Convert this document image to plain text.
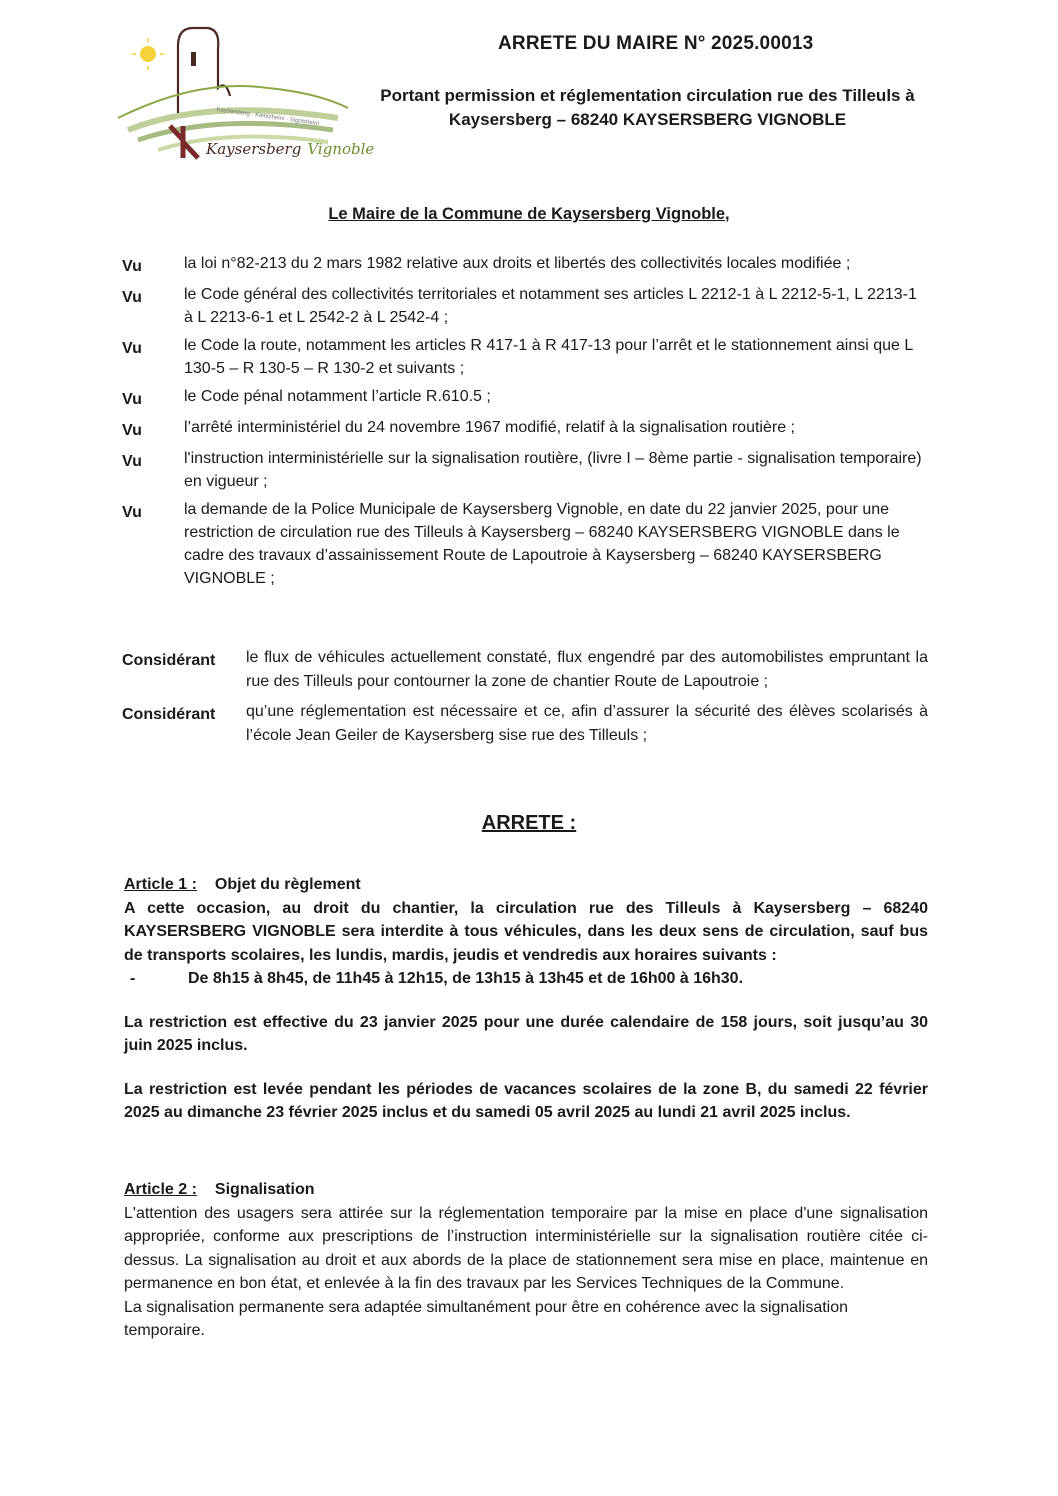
Kaysersberg · Kientzheim · Sigolsheim
Kaysersberg Vignoble
ARRETE DU MAIRE N° 2025.00013
Portant permission et réglementation circulation rue des Tilleuls à Kaysersberg – 68240 KAYSERSBERG VIGNOBLE
Le Maire de la Commune de Kaysersberg Vignoble,
Vu	la loi n°82-213 du 2 mars 1982 relative aux droits et libertés des collectivités locales modifiée ;
Vu	le Code général des collectivités territoriales et notamment ses articles L 2212-1 à L 2212-5-1, L 2213-1 à L 2213-6-1 et L 2542-2 à L 2542-4 ;
Vu	le Code la route, notamment les articles R 417-1 à R 417-13 pour l’arrêt et le stationnement ainsi que L 130-5 – R 130-5 – R 130-2 et suivants ;
Vu	le Code pénal notamment l’article R.610.5 ;
Vu	l’arrêté interministériel du 24 novembre 1967 modifié, relatif à la signalisation routière ;
Vu	l'instruction interministérielle sur la signalisation routière, (livre I – 8ème partie - signalisation temporaire) en vigueur ;
Vu	la demande de la Police Municipale de Kaysersberg Vignoble, en date du 22 janvier 2025, pour une restriction de circulation rue des Tilleuls à Kaysersberg – 68240 KAYSERSBERG VIGNOBLE dans le cadre des travaux d’assainissement Route de Lapoutroie à Kaysersberg – 68240 KAYSERSBERG VIGNOBLE ;
Considérant	le flux de véhicules actuellement constaté, flux engendré par des automobilistes empruntant la rue des Tilleuls pour contourner la zone de chantier Route de Lapoutroie ;
Considérant	qu’une réglementation est nécessaire et ce, afin d’assurer la sécurité des élèves scolarisés à l’école Jean Geiler de Kaysersberg sise rue des Tilleuls ;
ARRETE :
Article 1 : Objet du règlement

A cette occasion, au droit du chantier, la circulation rue des Tilleuls à Kaysersberg – 68240 KAYSERSBERG VIGNOBLE sera interdite à tous véhicules, dans les deux sens de circulation, sauf bus de transports scolaires, les lundis, mardis, jeudis et vendredis aux horaires suivants :

-	De 8h15 à 8h45, de 11h45 à 12h15, de 13h15 à 13h45 et de 16h00 à 16h30.

La restriction est effective du 23 janvier 2025 pour une durée calendaire de 158 jours, soit jusqu’au 30 juin 2025 inclus.

La restriction est levée pendant les périodes de vacances scolaires de la zone B, du samedi 22 février 2025 au dimanche 23 février 2025 inclus et du samedi 05 avril 2025 au lundi 21 avril 2025 inclus.

Article 2 : Signalisation

L'attention des usagers sera attirée sur la réglementation temporaire par la mise en place d'une signalisation appropriée, conforme aux prescriptions de l’instruction interministérielle sur la signalisation routière citée ci-dessus. La signalisation au droit et aux abords de la place de stationnement sera mise en place, maintenue en permanence en bon état, et enlevée à la fin des travaux par les Services Techniques de la Commune.

La signalisation permanente sera adaptée simultanément pour être en cohérence avec la signalisation temporaire.
